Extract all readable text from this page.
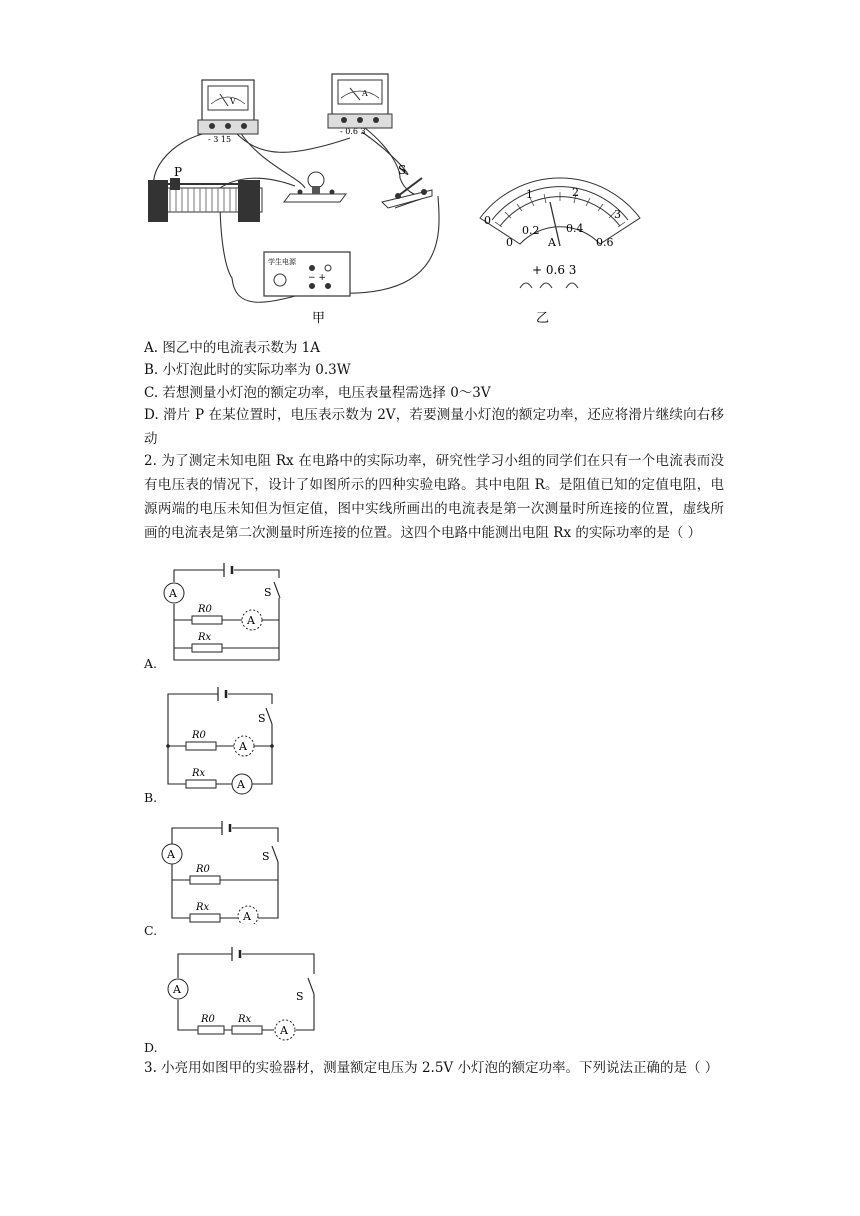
V
- 3 15
A
- 0.6 3
P	S
学生电源
− +
0
1	2
3
0
0.2 0.4
0.6
A
+ 0.6 3
甲	乙
A. 图乙中的电流表示数为 1A
B. 小灯泡此时的实际功率为 0.3W
C. 若想测量小灯泡的额定功率，电压表量程需选择 0～3V
D. 滑片 P 在某位置时，电压表示数为 2V，若要测量小灯泡的额定功率，还应将滑片继续向右移动
2. 为了测定未知电阻 Rx 在电路中的实际功率，研究性学习小组的同学们在只有一个电流表而没有电压表的情况下，设计了如图所示的四种实验电路。其中电阻 R。是阻值已知的定值电阻，电源两端的电压未知但为恒定值，图中实线所画出的电流表是第一次测量时所连接的位置，虚线所画的电流表是第二次测量时所连接的位置。这四个电路中能测出电阻 Rx 的实际功率的是（ ）
S
A
R0
A
Rx
A.
S
R0
A
Rx
A
B.
S
A
R0
Rx
A
C.
S
A
R0 Rx
A
D.
3. 小亮用如图甲的实验器材，测量额定电压为 2.5V 小灯泡的额定功率。下列说法正确的是（ ）
